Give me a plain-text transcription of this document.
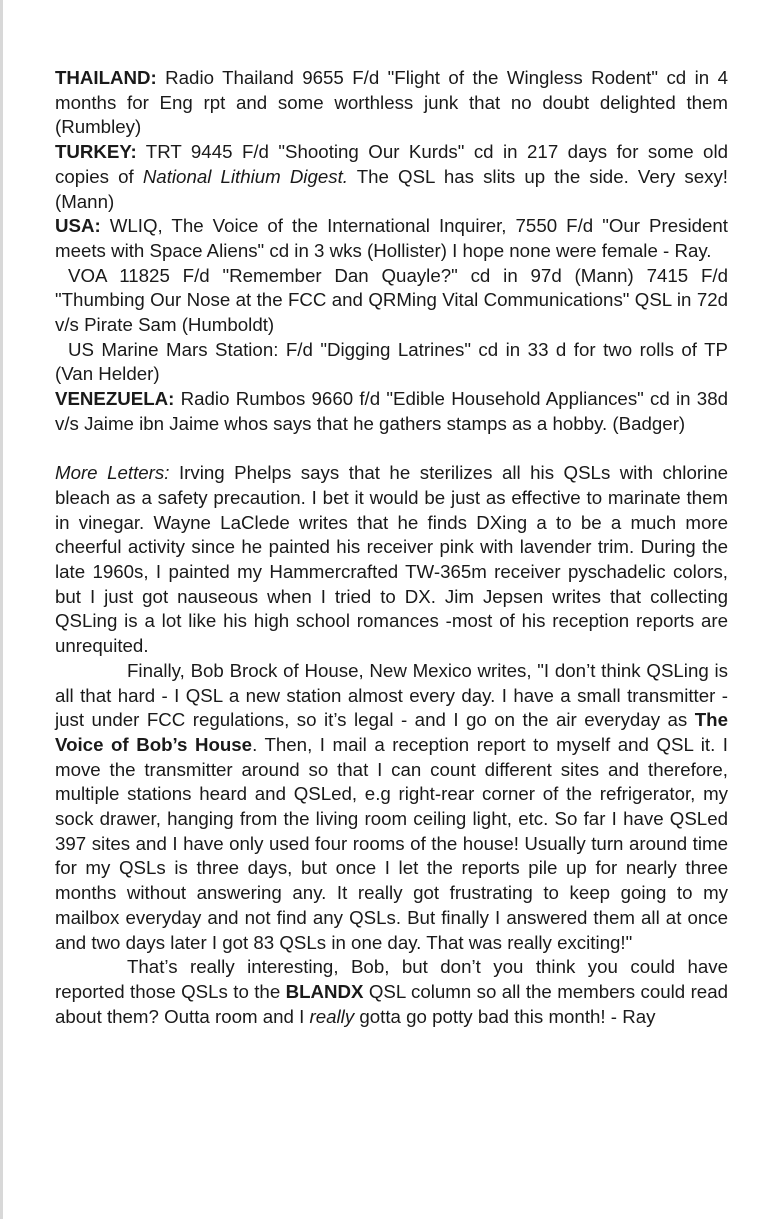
THAILAND: Radio Thailand 9655 F/d "Flight of the Wingless Rodent" cd in 4 months for Eng rpt and some worthless junk that no doubt delighted them (Rumbley)

TURKEY: TRT 9445 F/d "Shooting Our Kurds" cd in 217 days for some old copies of National Lithium Digest. The QSL has slits up the side. Very sexy! (Mann)

USA: WLIQ, The Voice of the International Inquirer, 7550 F/d "Our President meets with Space Aliens" cd in 3 wks (Hollister) I hope none were female - Ray.

VOA 11825 F/d "Remember Dan Quayle?" cd in 97d (Mann) 7415 F/d "Thumbing Our Nose at the FCC and QRMing Vital Communications" QSL in 72d v/s Pirate Sam (Humboldt)

US Marine Mars Station: F/d "Digging Latrines" cd in 33 d for two rolls of TP (Van Helder)

VENEZUELA: Radio Rumbos 9660 f/d "Edible Household Appliances" cd in 38d v/s Jaime ibn Jaime whos says that he gathers stamps as a hobby. (Badger)

More Letters: Irving Phelps says that he sterilizes all his QSLs with chlorine bleach as a safety precaution. I bet it would be just as effective to marinate them in vinegar. Wayne LaClede writes that he finds DXing a to be a much more cheerful activity since he painted his receiver pink with lavender trim. During the late 1960s, I painted my Hammercrafted TW-365m receiver pyschadelic colors, but I just got nauseous when I tried to DX. Jim Jepsen writes that collecting QSLing is a lot like his high school romances -most of his reception reports are unrequited.

Finally, Bob Brock of House, New Mexico writes, "I don’t think QSLing is all that hard - I QSL a new station almost every day. I have a small transmitter - just under FCC regulations, so it’s legal - and I go on the air everyday as The Voice of Bob’s House. Then, I mail a reception report to myself and QSL it. I move the transmitter around so that I can count different sites and therefore, multiple stations heard and QSLed, e.g right-rear corner of the refrigerator, my sock drawer, hanging from the living room ceiling light, etc. So far I have QSLed 397 sites and I have only used four rooms of the house! Usually turn around time for my QSLs is three days, but once I let the reports pile up for nearly three months without answering any. It really got frustrating to keep going to my mailbox everyday and not find any QSLs. But finally I answered them all at once and two days later I got 83 QSLs in one day. That was really exciting!"

That’s really interesting, Bob, but don’t you think you could have reported those QSLs to the BLANDX QSL column so all the members could read about them? Outta room and I really gotta go potty bad this month! - Ray
